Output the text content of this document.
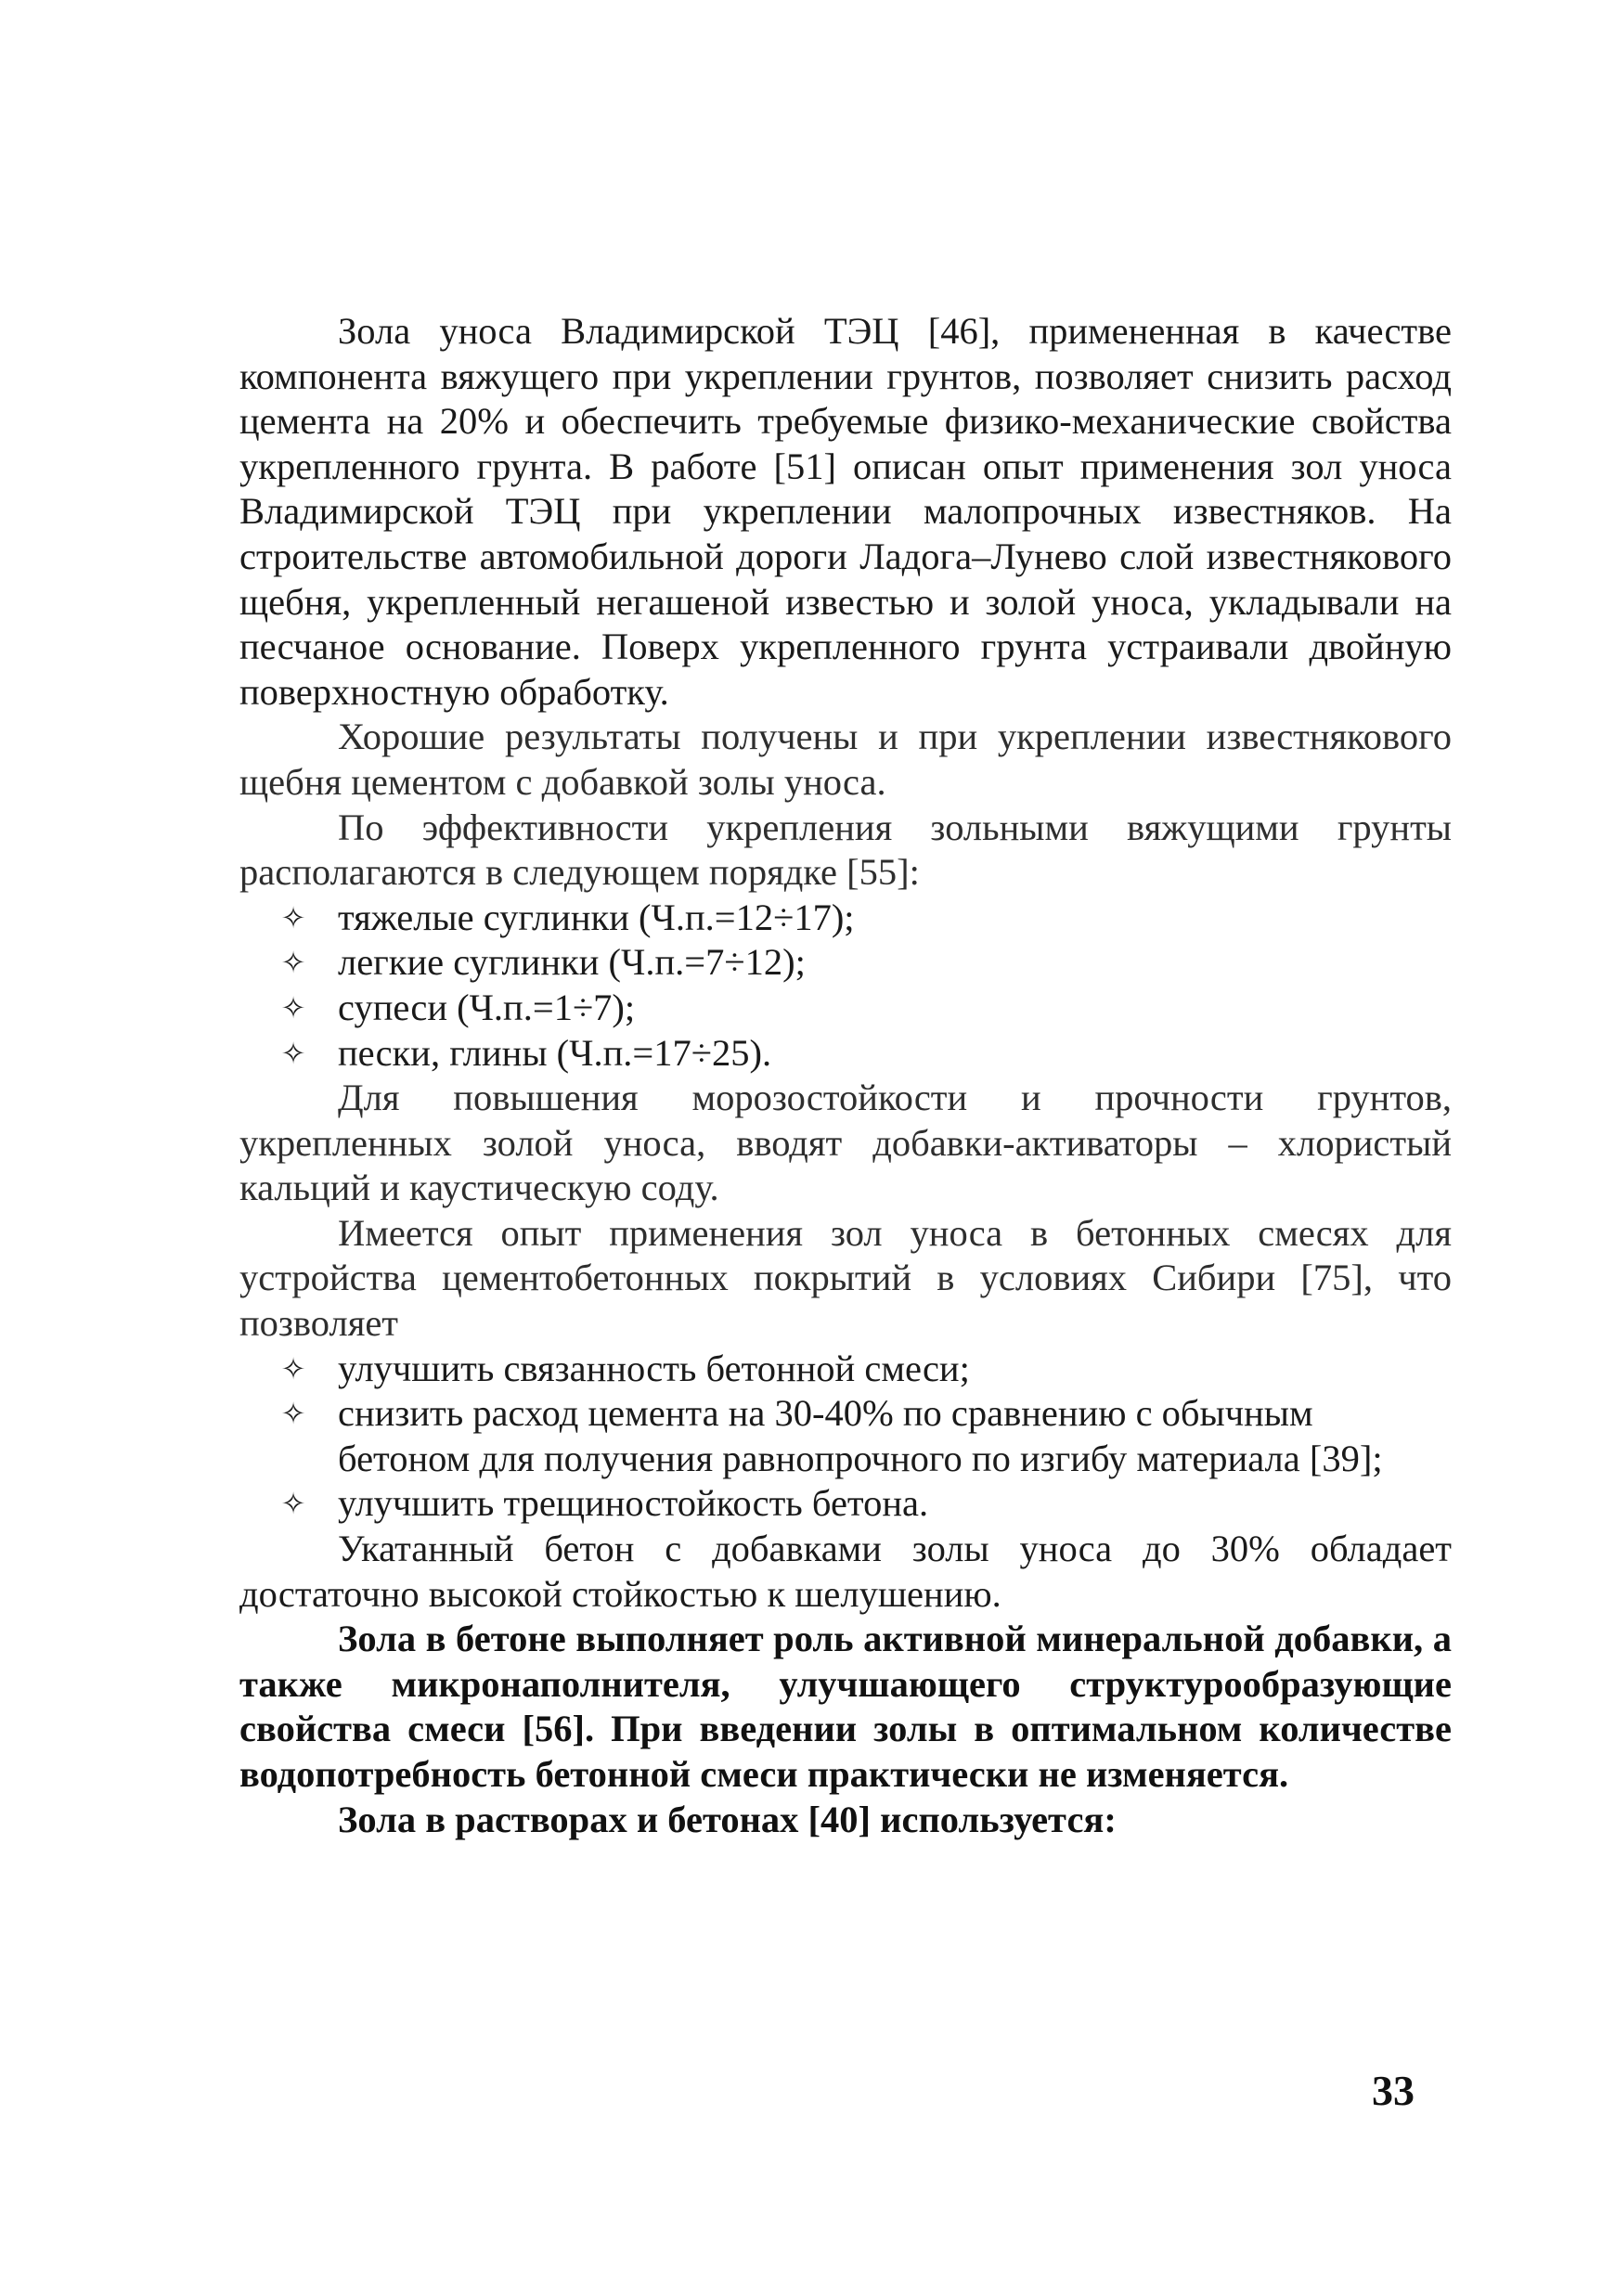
Зола уноса Владимирской ТЭЦ [46], примененная в качестве компонента вяжущего при укреплении грунтов, позволяет снизить расход цемента на 20% и обеспечить требуемые физико-механические свойства укрепленного грунта. В работе [51] описан опыт применения зол уноса Владимирской ТЭЦ при укреплении малопрочных известняков. На строительстве автомобильной дороги Ладога–Лунево слой известнякового щебня, укрепленный негашеной известью и золой уноса, укладывали на песчаное основание. Поверх укрепленного грунта устраивали двойную поверхностную обработку.

Хорошие результаты получены и при укреплении известнякового щебня цементом с добавкой золы уноса.

По эффективности укрепления зольными вяжущими грунты располагаются в следующем порядке [55]:

✧ тяжелые суглинки (Ч.п.=12÷17);
✧ легкие суглинки (Ч.п.=7÷12);
✧ супеси (Ч.п.=1÷7);
✧ пески, глины (Ч.п.=17÷25).

Для повышения морозостойкости и прочности грунтов, укрепленных золой уноса, вводят добавки-активаторы – хлористый кальций и каустическую соду.

Имеется опыт применения зол уноса в бетонных смесях для устройства цементобетонных покрытий в условиях Сибири [75], что позволяет

✧ улучшить связанность бетонной смеси;
✧ снизить расход цемента на 30-40% по сравнению с обычным бетоном для получения равнопрочного по изгибу материала [39];
✧ улучшить трещиностойкость бетона.

Укатанный бетон с добавками золы уноса до 30% обладает достаточно высокой стойкостью к шелушению.

Зола в бетоне выполняет роль активной минеральной добавки, а также микронаполнителя, улучшающего структурообразующие свойства смеси [56]. При введении золы в оптимальном количестве водопотребность бетонной смеси практически не изменяется.

Зола в растворах и бетонах [40] используется:

33
